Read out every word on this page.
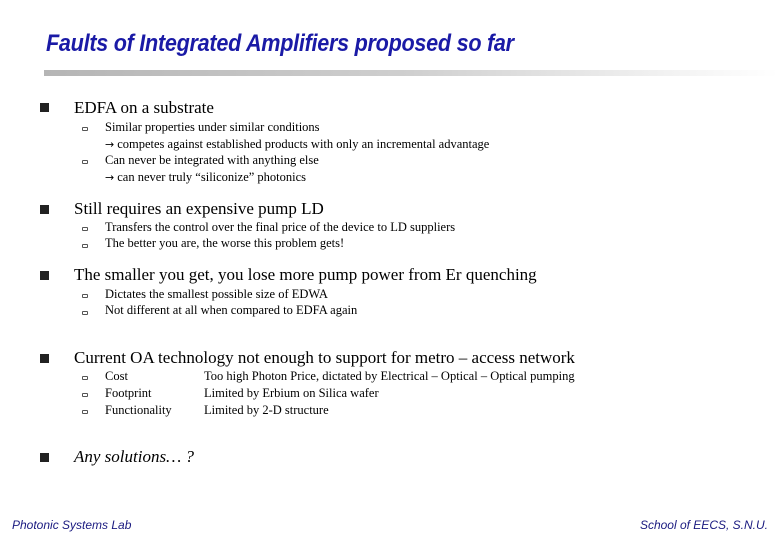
Faults of Integrated Amplifiers proposed so far
EDFA on a substrate
Similar properties under similar conditions
→ competes against established products with only an incremental advantage
Can never be integrated with anything else
→ can never truly “siliconize” photonics
Still requires an expensive pump LD
Transfers the control over the final price of the device to LD suppliers
The better you are, the worse this problem gets!
The smaller you get, you lose more pump power from Er quenching
Dictates the smallest possible size of EDWA
Not different at all when compared to EDFA again
Current OA technology not enough to support for metro – access network
Cost	Too high Photon Price, dictated by Electrical – Optical – Optical pumping
Footprint	Limited by Erbium on Silica wafer
Functionality	Limited by 2-D structure
Any solutions… ?
Photonic Systems Lab	School of EECS, S.N.U.
